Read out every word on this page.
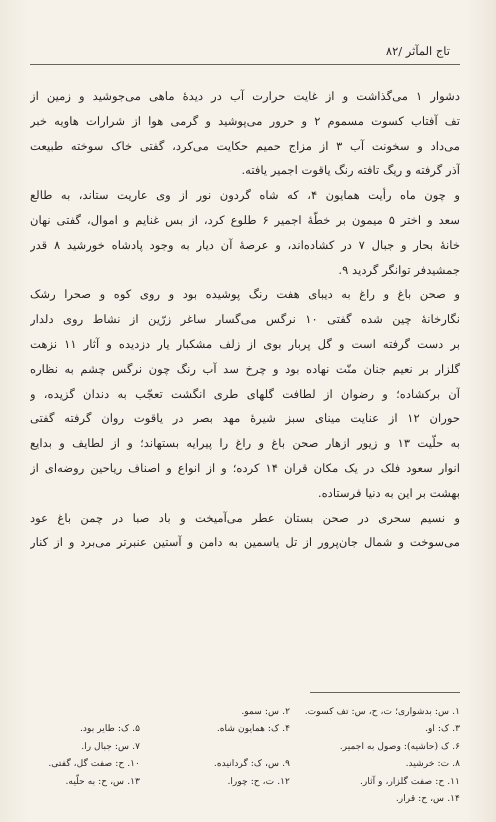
تاج المآثر /۸۲
دشوار ۱ می‌گذاشت و از غایت حرارت آب در دیدهٔ ماهی می‌جوشید و زمین از
تف آفتاب کسوت مسموم ۲ و حرور می‌پوشید و گرمی هوا از شرارات هاویه خبر
می‌داد و سخونت آب ۳ از مزاج حمیم حکایت می‌کرد، گفتی خاک سوخته طبیعت
آذر گرفته و ریگ تافته رنگ یاقوت اجمیر یافته.
و چون ماه رأیت همایون ۴، که شاه گردون نور از وی عاریت ستاند، به طالع
سعد و اختر ۵ میمون بر خطّهٔ اجمیر ۶ طلوع کرد، از بس غنایم و اموال، گفتی نهان
خانهٔ بحار و جبال ۷ در کشاده‌اند، و عرصهٔ آن دیار به وجود پادشاه خورشید ۸ قدر
جمشیدفر توانگر گردید ۹.
و صحن باغ و راغ به دیبای هفت رنگ پوشیده بود و روی کوه و صحرا رشک
نگارخانهٔ چین شده گفتی ۱۰ نرگس می‌گسار ساغر زرّین از نشاط روی دلدار
بر دست گرفته است و گل پربار بوی از زلف مشکبار یار دزدیده و آثار ۱۱ نزهت
گلزار بر نعیم جنان منّت نهاده بود و چرخ سد آب رنگ چون نرگس چشم به نظاره
آن برکشاده؛ و رضوان از لطافت گلهای طری انگشت تعجّب به دندان گزیده، و
حوران ۱۲ از عنایت مینای سبز شیرهٔ مهد بصر در یاقوت روان گرفته گفتی
به حلّیت ۱۳ و زیور ازهار صحن باغ و راغ را پیرایه بستهاند؛ و از لطایف و بدایع
انوار سعود فلک در یک مکان قران ۱۴ کرده؛ و از انواع و اصناف ریاحین روضه‌ای از
بهشت بر این به دنیا فرستاده.
و نسیم سحری در صحن بستان عطر می‌آمیخت و باد صبا در چمن باغ عود
می‌سوخت و شمال جان‌پرور از تل یاسمین به دامن و آستین عنبرتر می‌برد و از کنار
۱. س: بدشواری؛ ت، ح، س: تف کسوت.
۲. س: سمو.
۳. ک: او.
۴. ک: همایون شاه.
۵. ک: طایر بود.
۶. ک (حاشیه): وصول به اجمیر.
۷. س: جبال را.
۸. ت: خرشید.
۹. س، ک: گردانیده.
۱۰. ح: صفت گل، گفتی.
۱۱. ح: صفت گلزار، و آثار.
۱۲. ت، ح: چورا.
۱۳. س، ح: به حلّیه.
۱۴. س، ح: قرار.
